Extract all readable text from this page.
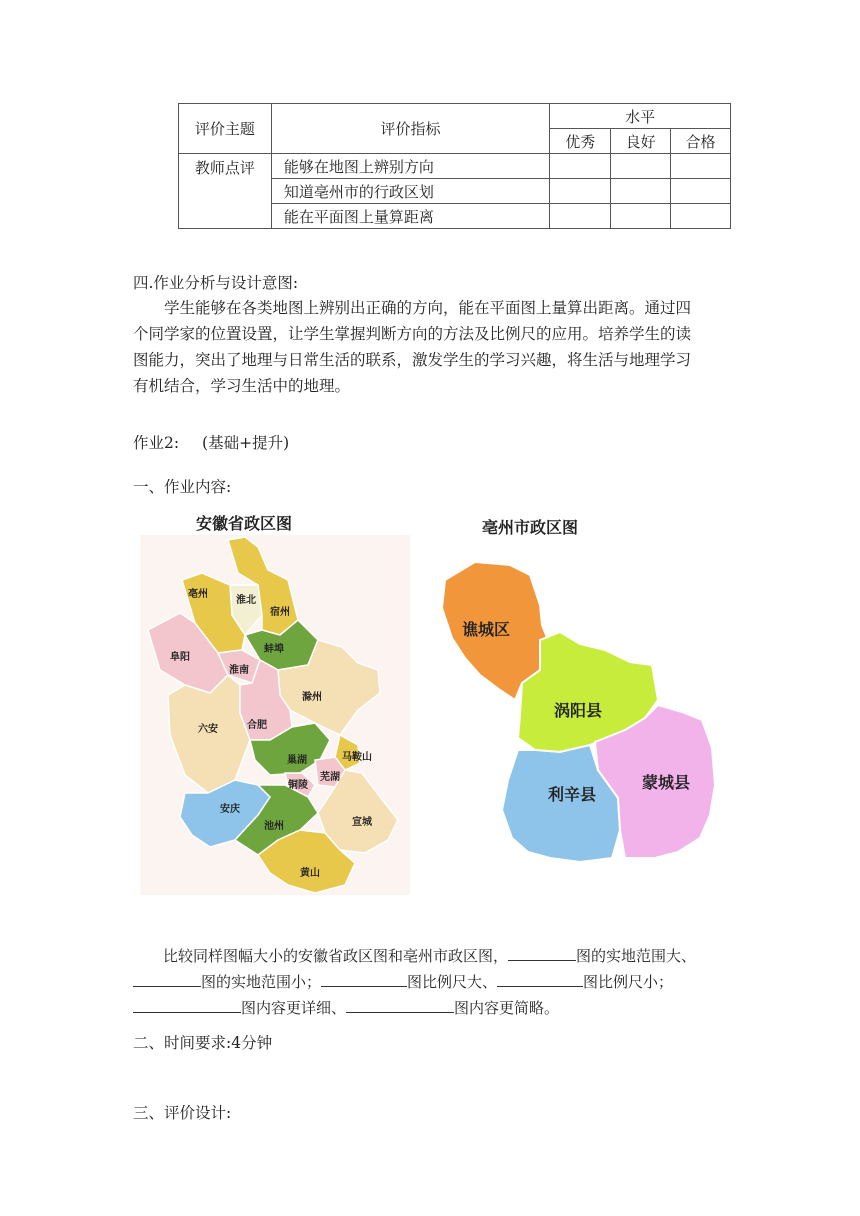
评价主题	评价指标	水平		
		优秀	良好	合格
教师点评	能够在地图上辨别方向			
	知道亳州市的行政区划			
	能在平面图上量算距离			
四.作业分析与设计意图:

学生能够在各类地图上辨别出正确的方向，能在平面图上量算出距离。通过四

个同学家的位置设置，让学生掌握判断方向的方法及比例尺的应用。培养学生的读

图能力，突出了地理与日常生活的联系，激发学生的学习兴趣，将生活与地理学习

有机结合，学习生活中的地理。

作业2: (基础+提升)
一、作业内容:
安徽省政区图	亳州市政区图
亳州
淮北
宿州
蚌埠
阜阳
淮南
滁州
六安	合肥
马鞍山
巢湖
芜湖
铜陵
宣城
安庆
池州
黄山
谯城区
涡阳县
利辛县
蒙城县

比较同样图幅大小的安徽省政区图和亳州市政区图，	图的实地范围大、

图的实地范围小；	图比例尺大、	图比例尺小；

图内容更详细、	图内容更简略。

二、时间要求:4分钟
三、评价设计:
